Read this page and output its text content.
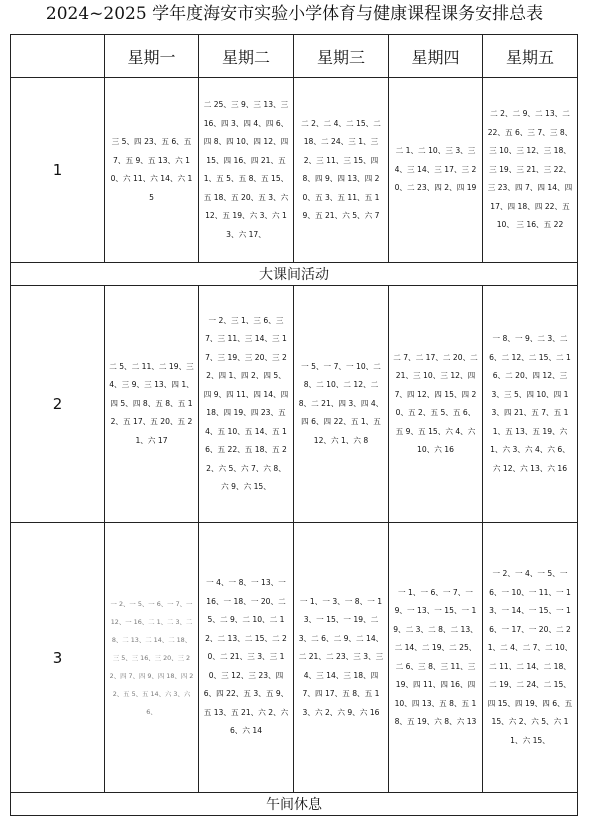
2024~2025 学年度海安市实验小学体育与健康课程课务安排总表
	星期一	星期二	星期三	星期四	星期五
1	三 5、四 23、五 6、五 7、五 9、五 13、六 10、六 11、六 14、六 15	二 25、三 9、三 13、三 16、四 3、四 4、四 6、四 8、四 10、四 12、四 15、四 16、四 21、五 1、五 5、五 8、五 15、五 18、五 20、五 3、六 12、五 19、六 3、六 13、六 17、	二 2、二 4、二 15、二 18、二 24、三 1、三 2、三 11、三 15、四 8、四 9、四 13、四 20、五 3、五 11、五 19、五 21、六 5、六 7	二 1、二 10、三 3、三 4、三 14、三 17、三 20、二 23、四 2、四 19	二 2、二 9、二 13、二 22、五 6、三 7、三 8、三 10、三 12、三 18、三 19、三 21、三 22、三 23、四 7、四 14、四 17、四 18、四 22、五 10、 三 16、五 22
大课间活动					
2	二 5、二 11、二 19、三 4、三 9、三 13、四 1、四 5、四 8、五 8、五 12、五 17、五 20、五 21、六 17	一 2、三 1、三 6、三 7、三 11、三 14、三 17、三 19、三 20、三 22、四 1、四 2、四 5、四 9、四 11、四 14、四 18、四 19、四 23、五 4、五 10、五 14、五 16、五 22、五 18、五 22、六 5、六 7、六 8、六 9、六 15、	一 5、一 7、一 10、二 8、二 10、二 12、二 8、二 21、四 3、四 4、四 6、四 22、五 1、五 12、六 1、六 8	二 7、二 17、二 20、二 21、三 10、三 12、四 7、四 12、四 15、四 20、五 2、五 5、五 6、五 9、五 15、六 4、六 10、六 16	一 8、一 9、二 3、二 6、二 12、二 15、二 16、二 20、四 12、三 3、三 5、四 10、四 13、四 21、五 7、五 11、五 13、五 19、六 1、六 3、六 4、六 6、六 12、六 13、六 16
3	一 2、一 5、一 6、一 7、一 12、一 16、二 1、二 3、二 8、二 13、二 14、二 18、三 5、三 16、三 20、三 22、四 7、四 9、四 18、四 22、五 5、五 14、六 3、六 6、	一 4、一 8、一 13、一 16、一 18、一 20、二 5、二 9、二 10、二 12、二 13、二 15、二 20、二 21、三 3、三 10、三 12、三 23、四 6、四 22、五 3、五 9、五 13、五 21、六 2、六 6、六 14	一 1、一 3、一 8、一 13、一 15、一 19、二 3、二 6、二 9、二 14、二 21、二 23、三 3、三 4、三 14、三 18、四 7、四 17、五 8、五 13、六 2、六 9、六 16	一 1、一 6、一 7、一 9、一 13、一 15、一 19、二 3、二 8、二 13、二 14、二 19、二 25、二 6、三 8、三 11、三 19、四 11、四 16、四 10、四 13、五 8、五 18、五 19、六 8、六 13	一 2、一 4、一 5、一 6、一 10、一 11、一 13、一 14、一 15、一 16、一 17、一 20、二 21、二 4、二 7、二 10、二 11、二 14、二 18、二 19、二 24、二 15、四 15、四 19、四 6、五 15、六 2、六 5、六 11、六 15、
午间休息					
